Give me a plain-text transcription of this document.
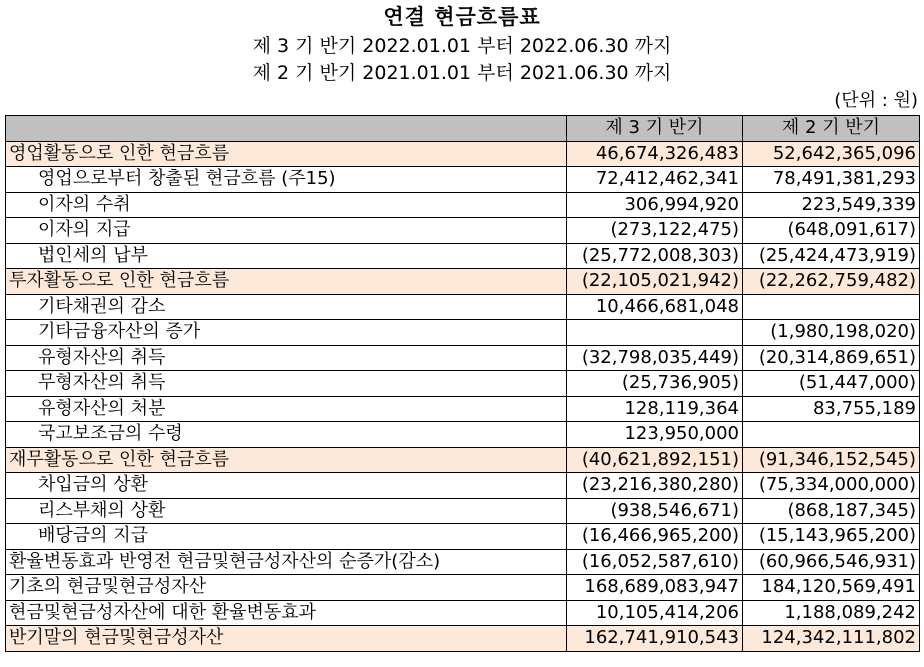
연결 현금흐름표
제 3 기 반기 2022.01.01 부터 2022.06.30 까지
제 2 기 반기 2021.01.01 부터 2021.06.30 까지
(단위 : 원)
	제 3 기 반기	제 2 기 반기
영업활동으로 인한 현금흐름	46,674,326,483	52,642,365,096
영업으로부터 창출된 현금흐름 (주15)	72,412,462,341	78,491,381,293
이자의 수취	306,994,920	223,549,339
이자의 지급	(273,122,475)	(648,091,617)
법인세의 납부	(25,772,008,303)	(25,424,473,919)
투자활동으로 인한 현금흐름	(22,105,021,942)	(22,262,759,482)
기타채권의 감소	10,466,681,048	
기타금융자산의 증가		(1,980,198,020)
유형자산의 취득	(32,798,035,449)	(20,314,869,651)
무형자산의 취득	(25,736,905)	(51,447,000)
유형자산의 처분	128,119,364	83,755,189
국고보조금의 수령	123,950,000	
재무활동으로 인한 현금흐름	(40,621,892,151)	(91,346,152,545)
차입금의 상환	(23,216,380,280)	(75,334,000,000)
리스부채의 상환	(938,546,671)	(868,187,345)
배당금의 지급	(16,466,965,200)	(15,143,965,200)
환율변동효과 반영전 현금및현금성자산의 순증가(감소)	(16,052,587,610)	(60,966,546,931)
기초의 현금및현금성자산	168,689,083,947	184,120,569,491
현금및현금성자산에 대한 환율변동효과	10,105,414,206	1,188,089,242
반기말의 현금및현금성자산	162,741,910,543	124,342,111,802
